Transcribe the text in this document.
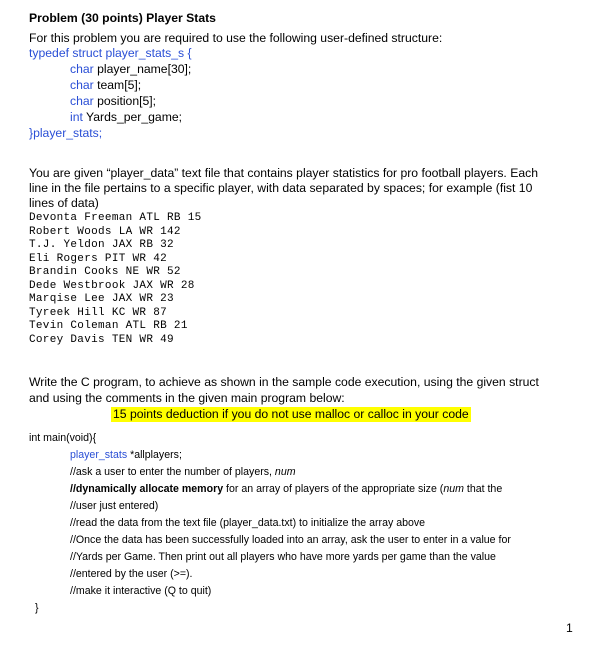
Problem (30 points) Player Stats
For this problem you are required to use the following user-defined structure:
typedef struct player_stats_s {
char player_name[30];
char team[5];
char position[5];
int Yards_per_game;
}player_stats;
You are given “player_data” text file that contains player statistics for pro football players. Each
line in the file pertains to a specific player, with data separated by spaces; for example (fist 10
lines of data)
Devonta Freeman ATL RB 15
Robert Woods LA WR 142
T.J. Yeldon JAX RB 32
Eli Rogers PIT WR 42
Brandin Cooks NE WR 52
Dede Westbrook JAX WR 28
Marqise Lee JAX WR 23
Tyreek Hill KC WR 87
Tevin Coleman ATL RB 21
Corey Davis TEN WR 49
Write the C program, to achieve as shown in the sample code execution, using the given struct
and using the comments in the given main program below:
15 points deduction if you do not use malloc or calloc in your code
int main(void){
player_stats *allplayers;
//ask a user to enter the number of players, num
//dynamically allocate memory for an array of players of the appropriate size (num that the
//user just entered)
//read the data from the text file (player_data.txt) to initialize the array above
//Once the data has been successfully loaded into an array, ask the user to enter in a value for
//Yards per Game. Then print out all players who have more yards per game than the value
//entered by the user (>=).
//make it interactive (Q to quit)
}
1
